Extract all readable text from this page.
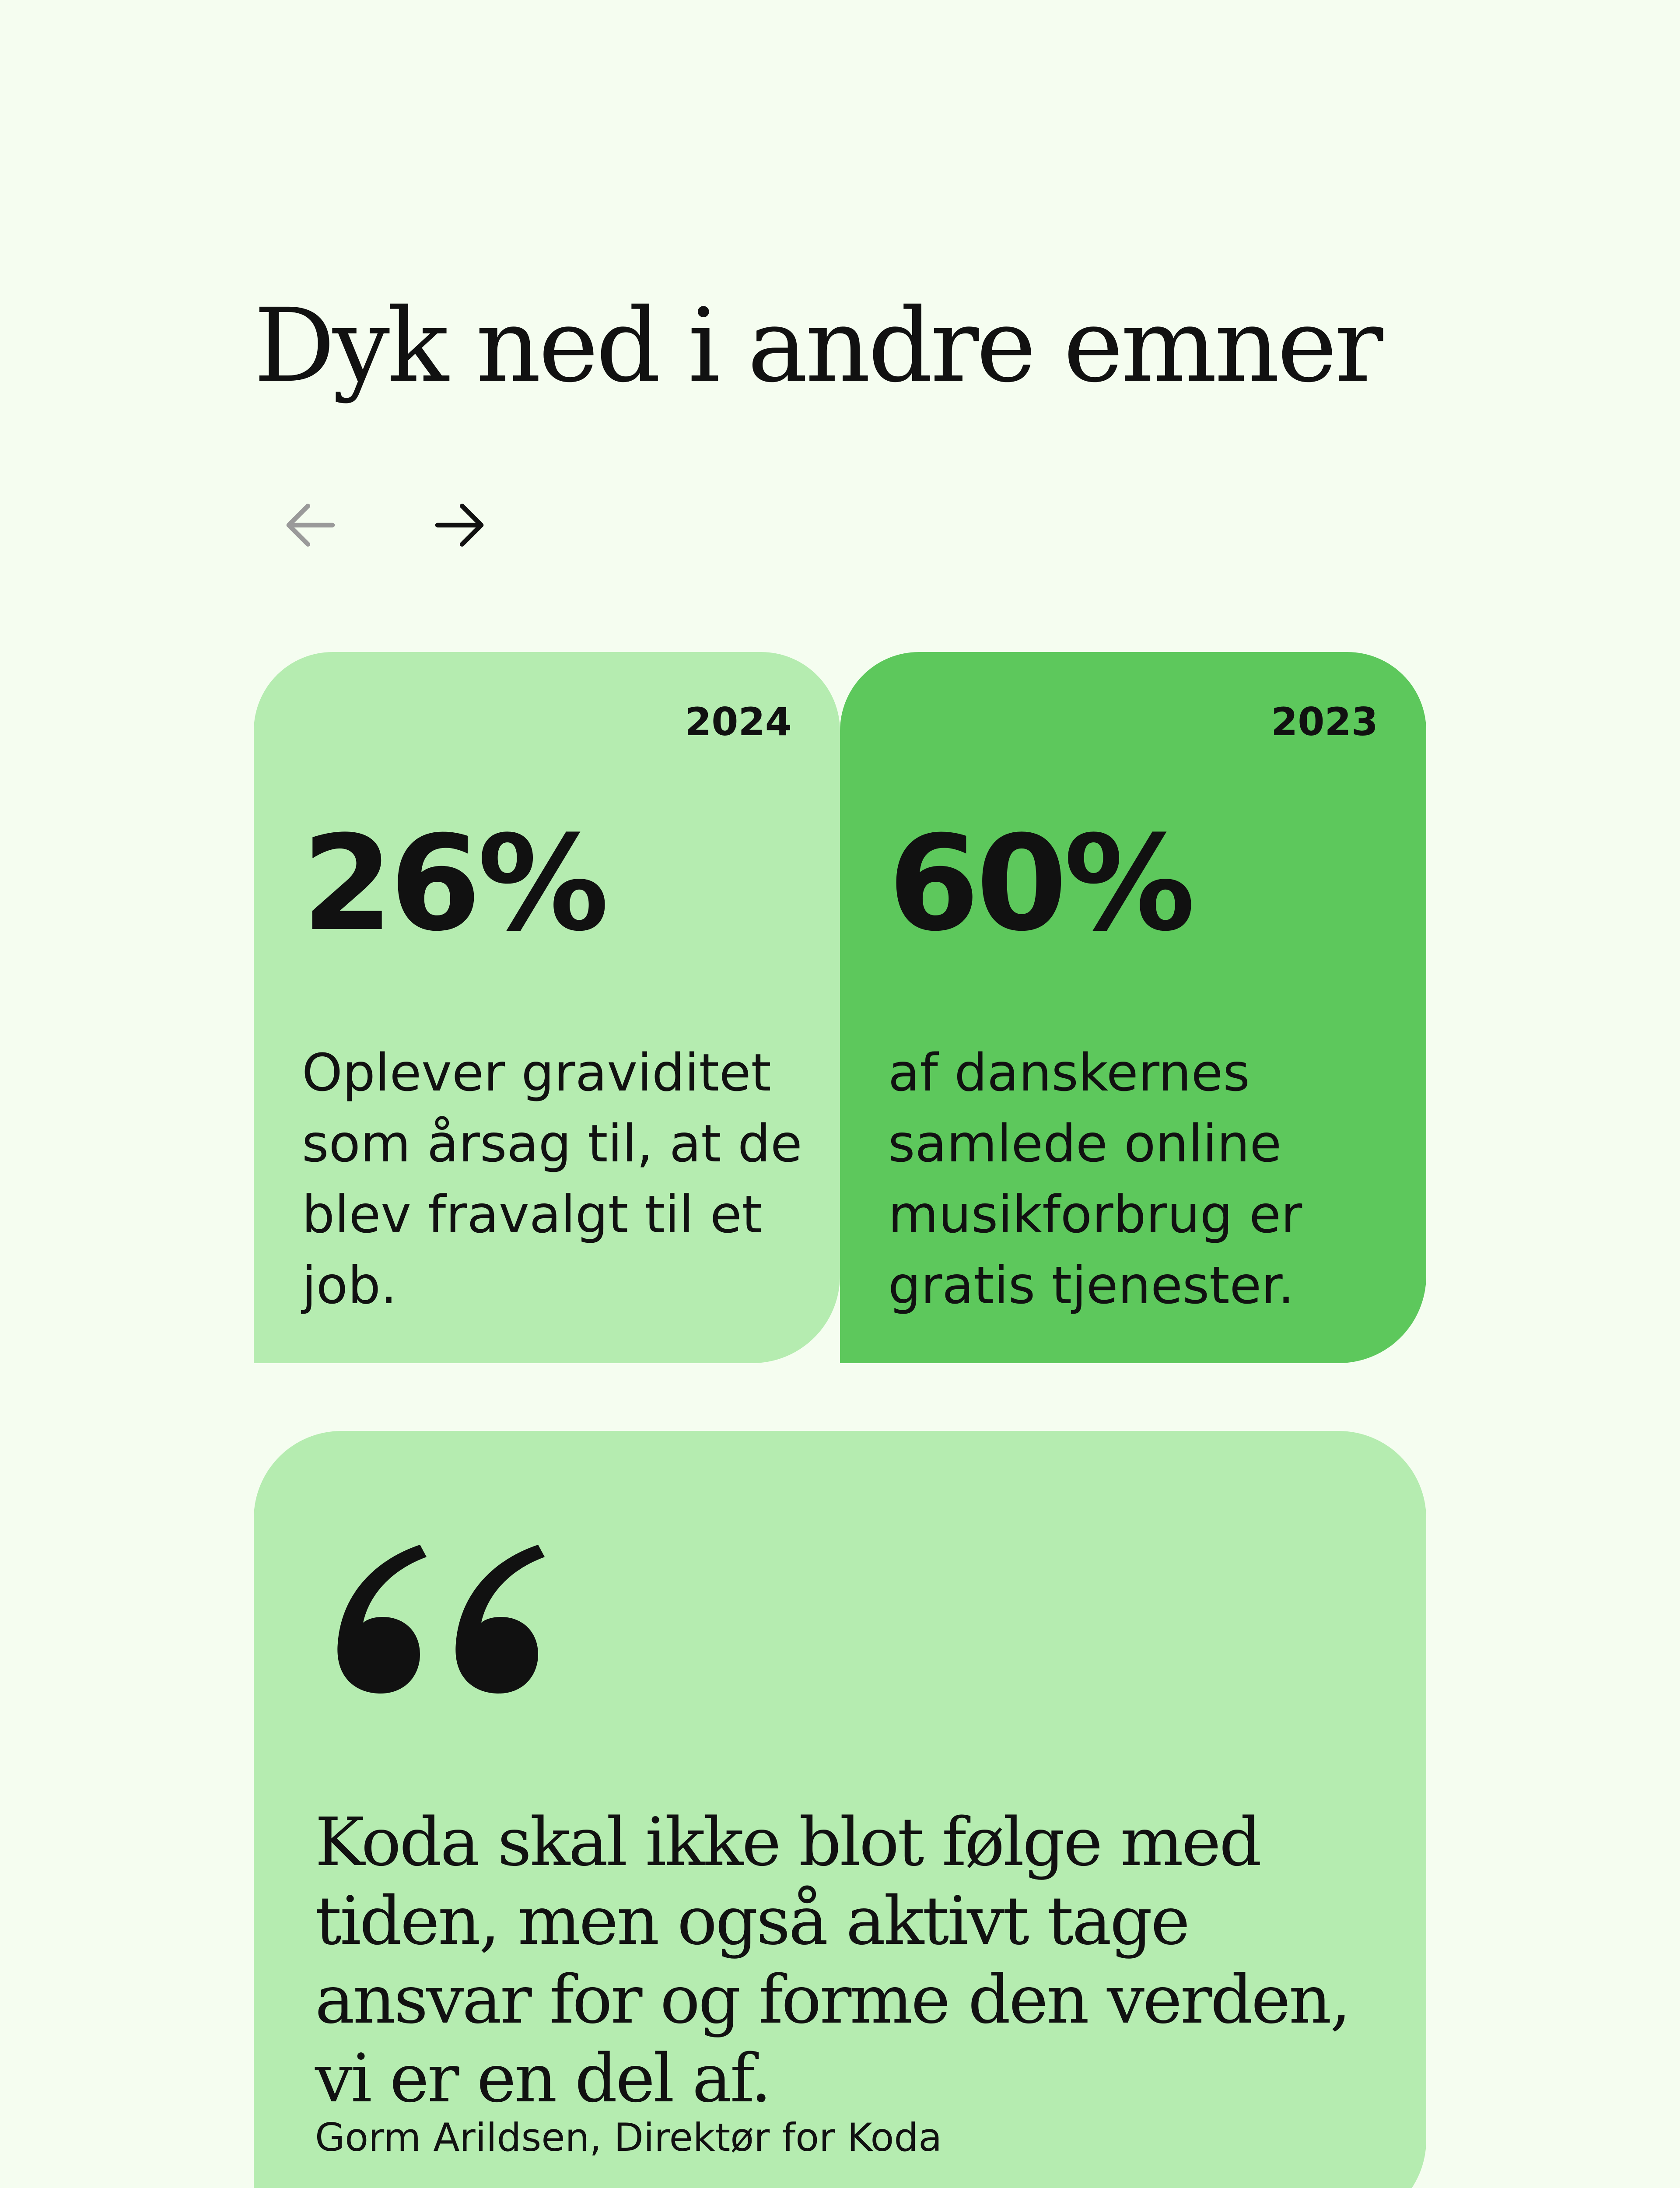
Dyk ned i andre emner
2024
26%
Oplever graviditet som årsag til, at de blev fravalgt til et job.
2023
60%
af danskernes samlede online musikforbrug er gratis tjenester.

Koda skal ikke blot følge med tiden, men også aktivt tage ansvar for og forme den verden, vi er en del af.

Gorm Arildsen, Direktør for Koda
